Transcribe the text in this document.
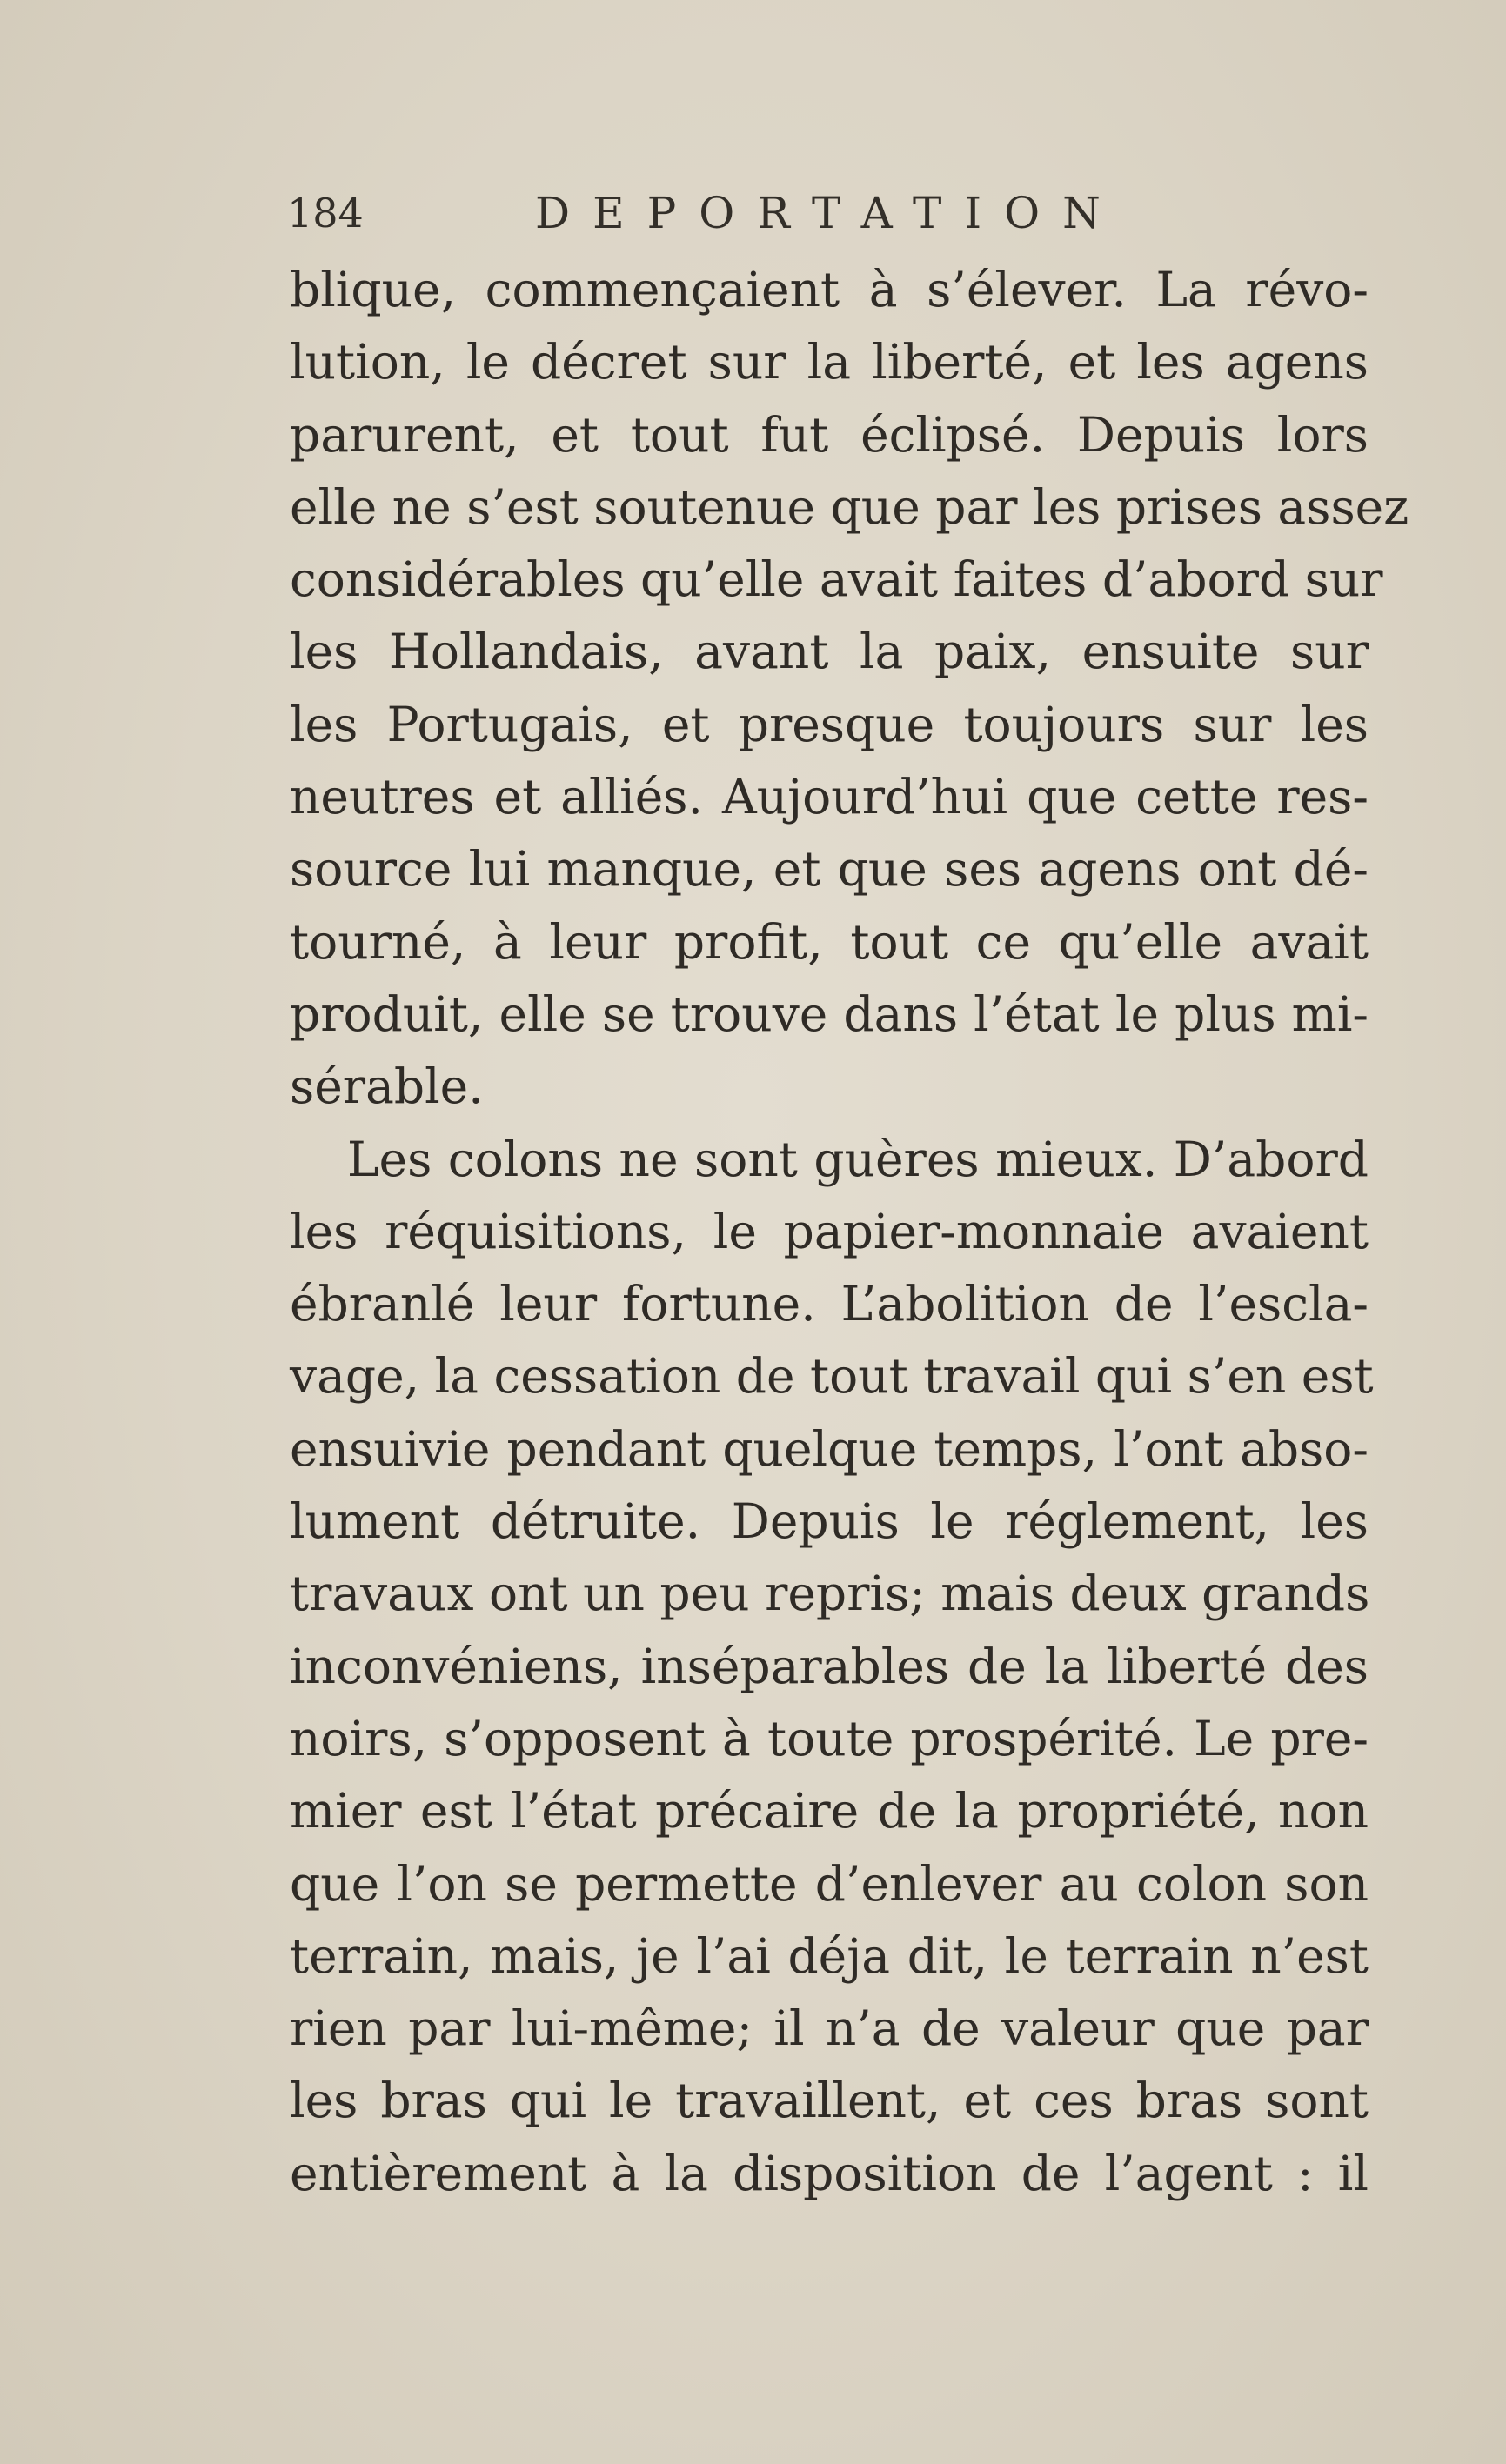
184	DEPORTATION
blique, commençaient à s’élever. La révo-
lution, le décret sur la liberté, et les agens
parurent, et tout fut éclipsé. Depuis lors
elle ne s’est soutenue que par les prises assez
considérables qu’elle avait faites d’abord sur
les Hollandais, avant la paix, ensuite sur
les Portugais, et presque toujours sur les
neutres et alliés. Aujourd’hui que cette res-
source lui manque, et que ses agens ont dé-
tourné, à leur profit, tout ce qu’elle avait
produit, elle se trouve dans l’état le plus mi-
sérable.
Les colons ne sont guères mieux. D’abord
les réquisitions, le papier-monnaie avaient
ébranlé leur fortune. L’abolition de l’escla-
vage, la cessation de tout travail qui s’en est
ensuivie pendant quelque temps, l’ont abso-
lument détruite. Depuis le réglement, les
travaux ont un peu repris; mais deux grands
inconvéniens, inséparables de la liberté des
noirs, s’opposent à toute prospérité. Le pre-
mier est l’état précaire de la propriété, non
que l’on se permette d’enlever au colon son
terrain, mais, je l’ai déja dit, le terrain n’est
rien par lui-même; il n’a de valeur que par
les bras qui le travaillent, et ces bras sont
entièrement à la disposition de l’agent : il
